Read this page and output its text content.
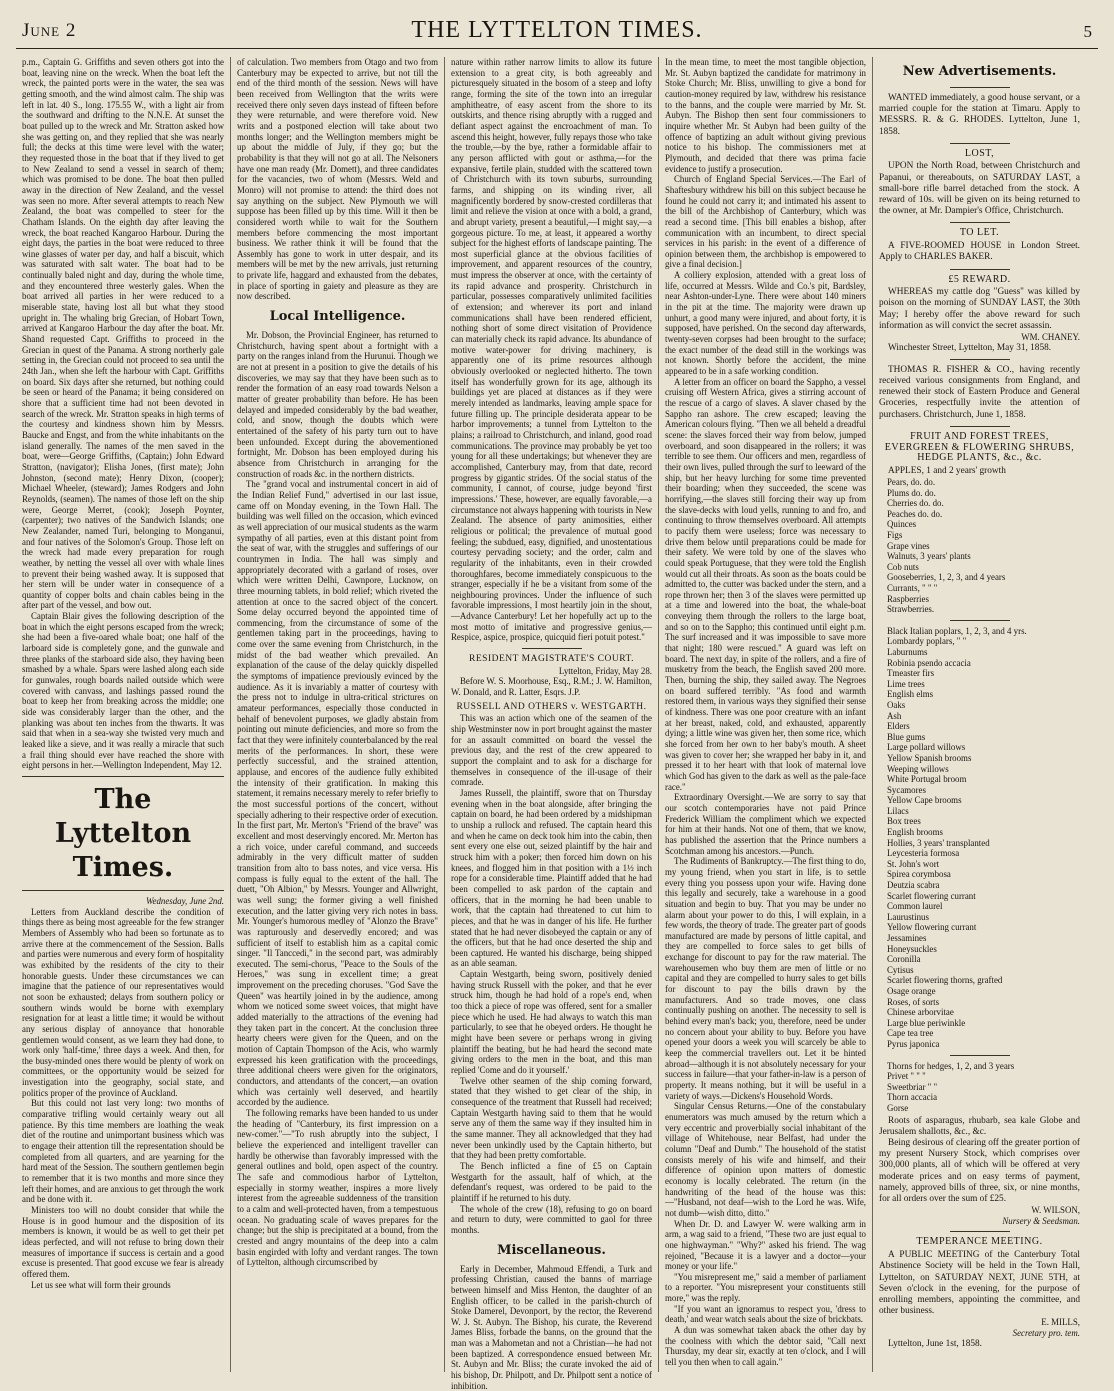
June 2	THE LYTTELTON TIMES.	5

p.m., Captain G. Griffiths and seven others got into the boat, leaving nine on the wreck. When the boat left the wreck, the painted ports were in the water, the sea was getting smooth, and the wind almost calm. The ship was left in lat. 40 S., long. 175.55 W., with a light air from the southward and drifting to the N.N.E. At sunset the boat pulled up to the wreck and Mr. Stratton asked how she was getting on, and they replied that she was nearly full; the decks at this time were level with the water; they requested those in the boat that if they lived to get to New Zealand to send a vessel in search of them; which was promised to be done. The boat then pulled away in the direction of New Zealand, and the vessel was seen no more. After several attempts to reach New Zealand, the boat was compelled to steer for the Chatham Islands. On the eighth day after leaving the wreck, the boat reached Kangaroo Harbour. During the eight days, the parties in the boat were reduced to three wine glasses of water per day, and half a biscuit, which was saturated with salt water. The boat had to be continually baled night and day, during the whole time, and they encountered three westerly gales. When the boat arrived all parties in her were reduced to a miserable state, having lost all but what they stood upright in. The whaling brig Grecian, of Hobart Town, arrived at Kangaroo Harbour the day after the boat. Mr. Shand requested Capt. Griffiths to proceed in the Grecian in quest of the Panama. A strong northerly gale setting in, the Grecian could not proceed to sea until the 24th Jan., when she left the harbour with Capt. Griffiths on board. Six days after she returned, but nothing could be seen or heard of the Panama; it being considered on shore that a sufficient time had not been devoted in search of the wreck. Mr. Stratton speaks in high terms of the courtesy and kindness shown him by Messrs. Baucke and Engst, and from the white inhabitants on the island generally. The names of the men saved in the boat, were—George Griffiths, (Captain;) John Edward Stratton, (navigator); Elisha Jones, (first mate); John Johnston, (second mate); Henry Dixon, (cooper); Michael Wheeler, (steward); James Rodgers and John Reynolds, (seamen). The names of those left on the ship were, George Merret, (cook); Joseph Poynter, (carpenter); two natives of the Sandwich Islands; one New Zealander, named Turi, belonging to Monganui, and four natives of the Solomon's Group. Those left on the wreck had made every preparation for rough weather, by netting the vessel all over with whale lines to prevent their being washed away. It is supposed that her stern will be under water in consequence of a quantity of copper bolts and chain cables being in the after part of the vessel, and bow out.

Captain Blair gives the following description of the boat in which the eight persons escaped from the wreck; she had been a five-oared whale boat; one half of the larboard side is completely gone, and the gunwale and three planks of the starboard side also, they having been smashed by a whale. Spars were lashed along each side for gunwales, rough boards nailed outside which were covered with canvass, and lashings passed round the boat to keep her from breaking across the middle; one side was considerably larger than the other, and the planking was about ten inches from the thwarts. It was said that when in a sea-way she twisted very much and leaked like a sieve, and it was really a miracle that such a frail thing should ever have reached the shore with eight persons in her.—Wellington Independent, May 12.

The Lyttelton Times.

Wednesday, June 2nd.

Letters from Auckland describe the condition of things there as being most agreeable for the few stranger Members of Assembly who had been so fortunate as to arrive there at the commencement of the Session. Balls and parties were numerous and every form of hospitality was exhibited by the residents of the city to their honorable guests. Under these circumstances we can imagine that the patience of our representatives would not soon be exhausted; delays from southern policy or southern winds would be borne with exemplary resignation for at least a little time; it would be without any serious display of annoyance that honorable gentlemen would consent, as we learn they had done, to work only 'half-time,' three days a week. And then, for the busy-minded ones there would be plenty of work on committees, or the opportunity would be seized for investigation into the geography, social state, and politics proper of the province of Auckland.

But this could not last very long: two months of comparative trifling would certainly weary out all patience. By this time members are loathing the weak diet of the routine and unimportant business which was to engage their attention till the representation should be completed from all quarters, and are yearning for the hard meat of the Session. The southern gentlemen begin to remember that it is two months and more since they left their homes, and are anxious to get through the work and be done with it.

Ministers too will no doubt consider that while the House is in good humour and the disposition of its members is known, it would be as well to get their pet ideas perfected, and will not refuse to bring down their measures of importance if success is certain and a good excuse is presented. That good excuse we fear is already offered them.

Let us see what will form their grounds

of calculation. Two members from Otago and two from Canterbury may be expected to arrive, but not till the end of the third month of the session. News will have been received from Wellington that the writs were received there only seven days instead of fifteen before they were returnable, and were therefore void. New writs and a postponed election will take about two months longer; and the Wellington members might be up about the middle of July, if they go; but the probability is that they will not go at all. The Nelsoners have one man ready (Mr. Domett), and three candidates for the vacancies, two of whom (Messrs. Weld and Monro) will not promise to attend: the third does not say anything on the subject. New Plymouth we will suppose has been filled up by this time. Will it then be considered worth while to wait for the Southern members before commencing the most important business. We rather think it will be found that the Assembly has gone to work in utter despair, and its members will be met by the new arrivals, just returning to private life, haggard and exhausted from the debates, in place of sporting in gaiety and pleasure as they are now described.

Local Intelligence.

Mr. Dobson, the Provincial Engineer, has returned to Christchurch, having spent about a fortnight with a party on the ranges inland from the Hurunui. Though we are not at present in a position to give the details of his discoveries, we may say that they have been such as to render the formation of an easy road towards Nelson a matter of greater probability than before. He has been delayed and impeded considerably by the bad weather, cold, and snow, though the doubts which were entertained of the safety of his party turn out to have been unfounded. Except during the abovementioned fortnight, Mr. Dobson has been employed during his absence from Christchurch in arranging for the construction of roads &c. in the northern districts.

The "grand vocal and instrumental concert in aid of the Indian Relief Fund," advertised in our last issue, came off on Monday evening, in the Town Hall. The building was well filled on the occasion, which evinced as well appreciation of our musical students as the warm sympathy of all parties, even at this distant point from the seat of war, with the struggles and sufferings of our countrymen in India. The hall was simply and appropriately decorated with a garland of roses, over which were written Delhi, Cawnpore, Lucknow, on three mourning tablets, in bold relief; which riveted the attention at once to the sacred object of the concert. Some delay occurred beyond the appointed time of commencing, from the circumstance of some of the gentlemen taking part in the proceedings, having to come over the same evening from Christchurch, in the midst of the bad weather which prevailed. An explanation of the cause of the delay quickly dispelled the symptoms of impatience previously evinced by the audience. As it is invariably a matter of courtesy with the press not to indulge in ultra-critical strictures on amateur performances, especially those conducted in behalf of benevolent purposes, we gladly abstain from pointing out minute deficiencies, and more so from the fact that they were infinitely counterbalanced by the real merits of the performances. In short, these were perfectly successful, and the strained attention, applause, and encores of the audience fully exhibited the intensity of their gratification. In making this statement, it remains necessary merely to refer briefly to the most successful portions of the concert, without specially adhering to their respective order of execution. In the first part, Mr. Merton's "Friend of the brave" was excellent and most deservingly encored. Mr. Merton has a rich voice, under careful command, and succeeds admirably in the very difficult matter of sudden transition from alto to bass notes, and vice versa. His compass is fully equal to the extent of the hall. The duett, "Oh Albion," by Messrs. Younger and Allwright, was well sung; the former giving a well finished execution, and the latter giving very rich notes in bass. Mr. Younger's humorous medley of "Alonzo the Brave" was rapturously and deservedly encored; and was sufficient of itself to establish him as a capital comic singer. "Il Tanccedi," in the second part, was admirably executed. The semi-chorus, "Peace to the Souls of the Heroes," was sung in excellent time; a great improvement on the preceding choruses. "God Save the Queen" was heartily joined in by the audience, among whom we noticed some sweet voices, that might have added materially to the attractions of the evening had they taken part in the concert. At the conclusion three hearty cheers were given for the Queen, and on the motion of Captain Thompson of the Acis, who warmly expressed his keen gratification with the proceedings, three additional cheers were given for the originators, conductors, and attendants of the concert,—an ovation which was certainly well deserved, and heartily accorded by the audience.

The following remarks have been handed to us under the heading of "Canterbury, its first impression on a new-comer."—"To rush abruptly into the subject, I believe the experienced and intelligent traveller can hardly be otherwise than favorably impressed with the general outlines and bold, open aspect of the country. The safe and commodious harbor of Lyttelton, especially in stormy weather, inspires a more lively interest from the agreeable suddenness of the transition to a calm and well-protected haven, from a tempestuous ocean. No graduating scale of waves prepares for the change; but the ship is precipitated at a bound, from the crested and angry mountains of the deep into a calm basin engirded with lofty and verdant ranges. The town of Lyttelton, although circumscribed by

nature within rather narrow limits to allow its future extension to a great city, is both agreeably and picturesquely situated in the bosom of a steep and lofty range, forming the site of the town into an irregular amphitheatre, of easy ascent from the shore to its outskirts, and thence rising abruptly with a rugged and defiant aspect against the encroachment of man. To ascend this height, however, fully repays those who take the trouble,—by the bye, rather a formidable affair to any person afflicted with gout or asthma,—for the expansive, fertile plain, studded with the scattered town of Christchurch with its town suburbs, surrounding farms, and shipping on its winding river, all magnificently bordered by snow-crested cordilleras that limit and relieve the vision at once with a bold, a grand, and abrupt variety, present a beautiful,—I might say,—a gorgeous picture. To me, at least, it appeared a worthy subject for the highest efforts of landscape painting. The most superficial glance at the obvious facilities of improvement, and apparent resources of the country, must impress the observer at once, with the certainty of its rapid advance and prosperity. Christchurch in particular, possesses comparatively unlimited facilities of extension; and wherever its port and inland communications shall have been rendered efficient, nothing short of some direct visitation of Providence can materially check its rapid advance. Its abundance of motive water-power for driving machinery, is apparently one of its prime resources although obviously overlooked or neglected hitherto. The town itself has wonderfully grown for its age, although its buildings yet are placed at distances as if they were merely intended as landmarks, leaving ample space for future filling up. The principle desiderata appear to be harbor improvements; a tunnel from Lyttelton to the plains; a railroad to Christchurch, and inland, good road communications. The province may probably be yet too young for all these undertakings; but whenever they are accomplished, Canterbury may, from that date, record progress by gigantic strides. Of the social status of the community, I cannot, of course, judge beyond 'first impressions.' These, however, are equally favorable,—a circumstance not always happening with tourists in New Zealand. The absence of party animosities, either religious or political; the prevalence of mutual good feeling; the subdued, easy, dignified, and unostentatious courtesy pervading society; and the order, calm and regularity of the inhabitants, even in their crowded thoroughfares, become immediately conspicuous to the stranger, especially if he be a visitant from some of the neighbouring provinces. Under the influence of such favorable impressions, I most heartily join in the shout,—Advance Canterbury! Let her hopefully act up to the most motto of imitative and progressive genius,—Respice, aspice, prospice, quicquid fieri potuit potest."

RESIDENT MAGISTRATE'S COURT.

Lyttelton, Friday, May 28.

Before W. S. Moorhouse, Esq., R.M.; J. W. Hamilton, W. Donald, and R. Latter, Esqrs. J.P.

RUSSELL AND OTHERS v. WESTGARTH.

This was an action which one of the seamen of the ship Westminster now in port brought against the master for an assault committed on board the vessel the previous day, and the rest of the crew appeared to support the complaint and to ask for a discharge for themselves in consequence of the ill-usage of their comrade.

James Russell, the plaintiff, swore that on Thursday evening when in the boat alongside, after bringing the captain on board, he had been ordered by a midshipman to unship a rullock and refused. The captain heard this and when he came on deck took him into the cabin, then sent every one else out, seized plaintiff by the hair and struck him with a poker; then forced him down on his knees, and flogged him in that position with a 1½ inch rope for a considerable time. Plaintiff added that he had been compelled to ask pardon of the captain and officers, that in the morning he had been unable to work, that the captain had threatened to cut him to pieces, and that he was in danger of his life. He further stated that he had never disobeyed the captain or any of the officers, but that he had once deserted the ship and been captured. He wanted his discharge, being shipped as an able seaman.

Captain Westgarth, being sworn, positively denied having struck Russell with the poker, and that he ever struck him, though he had hold of a rope's end, when too thick a piece of rope was offered, sent for a smaller piece which he used. He had always to watch this man particularly, to see that he obeyed orders. He thought he might have been severe or perhaps wrong in giving plaintiff the beating, but he had heard the second mate giving orders to the men in the boat, and this man replied 'Come and do it yourself.'

Twelve other seamen of the ship coming forward, stated that they wished to get clear of the ship, in consequence of the treatment that Russell had received; Captain Westgarth having said to them that he would serve any of them the same way if they insulted him in the same manner. They all acknowledged that they had never been unkindly used by the Captain hitherto, but that they had been pretty comfortable.

The Bench inflicted a fine of £5 on Captain Westgarth for the assault, half of which, at the defendant's request, was ordered to be paid to the plaintiff if he returned to his duty.

The whole of the crew (18), refusing to go on board and return to duty, were committed to gaol for three months.

Miscellaneous.

Early in December, Mahmoud Effendi, a Turk and professing Christian, caused the banns of marriage between himself and Miss Henton, the daughter of an English officer, to be called in the parish-church of Stoke Damerel, Devonport, by the rector, the Reverend W. J. St. Aubyn. The Bishop, his curate, the Reverend James Bliss, forbade the banns, on the ground that the man was a Mahometan and not a Christian—he had not been baptized. A correspondence ensued between Mr. St. Aubyn and Mr. Bliss; the curate invoked the aid of his bishop, Dr. Philpott, and Dr. Philpott sent a notice of inhibition.

In the mean time, to meet the most tangible objection, Mr. St. Aubyn baptized the candidate for matrimony in Stoke Church; Mr. Bliss, unwilling to give a bond for caution-money required by law, withdrew his resistance to the banns, and the couple were married by Mr. St. Aubyn. The Bishop then sent four commissioners to inquire whether Mr. St Aubyn had been guilty of the offence of baptizing an adult without giving previous notice to his bishop. The commissioners met at Plymouth, and decided that there was prima facie evidence to justify a prosecution.

Church of England Special Services.—The Earl of Shaftesbury withdrew his bill on this subject because he found he could not carry it; and intimated his assent to the bill of the Archbishop of Canterbury, which was read a second time. [This bill enables a bishop, after communication with an incumbent, to direct special services in his parish: in the event of a difference of opinion between them, the archbishop is empowered to give a final decision.]

A colliery explosion, attended with a great loss of life, occurred at Messrs. Wilde and Co.'s pit, Bardsley, near Ashton-under-Lyne. There were about 140 miners in the pit at the time. The majority were drawn up unhurt, a good many were injured, and about forty, it is supposed, have perished. On the second day afterwards, twenty-seven corpses had been brought to the surface; the exact number of the dead still in the workings was not known. Shortly before the accident, the mine appeared to be in a safe working condition.

A letter from an officer on board the Sappho, a vessel cruising off Western Africa, gives a stirring account of the rescue of a cargo of slaves. A slaver chased by the Sappho ran ashore. The crew escaped; leaving the American colours flying. "Then we all beheld a dreadful scene: the slaves forced their way from below, jumped overboard, and soon disappeared in the rollers; it was terrible to see them. Our officers and men, regardless of their own lives, pulled through the surf to leeward of the ship, but her heavy lurching for some time prevented their boarding; when they succeeded, the scene was horrifying,—the slaves still forcing their way up from the slave-decks with loud yells, running to and fro, and continuing to throw themselves overboard. All attempts to pacify them were useless; force was necessary to drive them below until preparations could be made for their safety. We were told by one of the slaves who could speak Portuguese, that they were told the English would cut all their throats. As soon as the boats could be admitted to, the cutter was backed under the stern, and a rope thrown her; then 3 of the slaves were permitted up at a time and lowered into the boat, the whale-boat conveying them through the rollers to the large boat, and so on to the Sappho; this continued until eight p.m. The surf increased and it was impossible to save more that night; 180 were rescued." A guard was left on board. The next day, in spite of the rollers, and a fire of musketry from the beach, the English saved 200 more. Then, burning the ship, they sailed away. The Negroes on board suffered terribly. "As food and warmth restored them, in various ways they signified their sense of kindness. There was one poor creature with an infant at her breast, naked, cold, and exhausted, apparently dying; a little wine was given her, then some rice, which she forced from her own to her baby's mouth. A sheet was given to cover her; she wrapped her baby in it, and pressed it to her heart with that look of maternal love which God has given to the dark as well as the pale-face race."

Extraordinary Oversight.—We are sorry to say that our scotch contemporaries have not paid Prince Frederick William the compliment which we expected for him at their hands. Not one of them, that we know, has published the assertion that the Prince numbers a Scotchman among his ancestors.—Punch.

The Rudiments of Bankruptcy.—The first thing to do, my young friend, when you start in life, is to settle every thing you possess upon your wife. Having done this legally and securely, take a warehouse in a good situation and begin to buy. That you may be under no alarm about your power to do this, I will explain, in a few words, the theory of trade. The greater part of goods manufactured are made by persons of little capital, and they are compelled to force sales to get bills of exchange for discount to pay for the raw material. The warehousemen who buy them are men of little or no capital and they are compelled to hurry sales to get bills for discount to pay the bills drawn by the manufacturers. And so trade moves, one class continually pushing on another. The necessity to sell is behind every man's back; you, therefore, need be under no concern about your ability to buy. Before you have opened your doors a week you will scarcely be able to keep the commercial travellers out. Let it be hinted abroad—although it is not absolutely necessary for your success in failure—that your father-in-law is a person of property. It means nothing, but it will be useful in a variety of ways.—Dickens's Household Words.

Singular Census Returns.—One of the constabulary enumerators was much amused by the return which a very eccentric and proverbially social inhabitant of the village of Whitehouse, near Belfast, had under the column "Deaf and Dumb." The household of the statist consists merely of his wife and himself, and their difference of opinion upon matters of domestic economy is locally celebrated. The return (in the handwriting of the head of the house was this:—"Husband, not deaf—wish to the Lord he was. Wife, not dumb—wish ditto, ditto."

When Dr. D. and Lawyer W. were walking arm in arm, a wag said to a friend, "These two are just equal to one highwayman." "Why?" asked his friend. The wag rejoined, "Because it is a lawyer and a doctor—your money or your life."

"You misrepresent me," said a member of parliament to a reporter. "You misrepresent your constituents still more," was the reply.

"If you want an ignoramus to respect you, 'dress to death,' and wear watch seals about the size of brickbats.

A dun was somewhat taken aback the other day by the coolness with which the debtor said, "Call next Thursday, my dear sir, exactly at ten o'clock, and I will tell you then when to call again."

New Advertisements.

WANTED immediately, a good house servant, or a married couple for the station at Timaru. Apply to MESSRS. R. & G. RHODES. Lyttelton, June 1, 1858.

LOST,

UPON the North Road, between Christchurch and Papanui, or thereabouts, on SATURDAY LAST, a small-bore rifle barrel detached from the stock. A reward of 10s. will be given on its being returned to the owner, at Mr. Dampier's Office, Christchurch.

TO LET.

A FIVE-ROOMED HOUSE in London Street. Apply to CHARLES BAKER.

£5 REWARD.

WHEREAS my cattle dog "Guess" was killed by poison on the morning of SUNDAY LAST, the 30th May; I hereby offer the above reward for such information as will convict the secret assassin.

WM. CHANEY.

Winchester Street, Lyttelton, May 31, 1858.

THOMAS R. FISHER & CO., having recently received various consignments from England, and renewed their stock of Eastern Produce and General Groceries, respectfully invite the attention of purchasers. Christchurch, June 1, 1858.

FRUIT AND FOREST TREES, EVERGREEN & FLOWERING SHRUBS, HEDGE PLANTS, &c., &c.

APPLES, 1 and 2 years' growth

Pears, do. do.
Plums do. do.
Cherries do. do.
Peaches do. do.
Quinces
Figs
Grape vines
Walnuts, 3 years' plants
Cob nuts
Gooseberries, 1, 2, 3, and 4 years
Currants, " " "
Raspberries
Strawberries.
Black Italian poplars, 1, 2, 3, and 4 yrs.
Lombardy poplars, " "
Laburnums
Robinia psendo accacia
Tmeaster firs
Lime trees
English elms
Oaks
Ash
Elders
Blue gums
Large pollard willows
Yellow Spanish brooms
Weeping willows
White Portugal broom
Sycamores
Yellow Cape brooms
Lilacs
Box trees
English brooms
Hollies, 3 years' transplanted
Leycesteria formosa
St. John's wort
Spirea corymbosa
Deutzia scabra
Scarlet flowering currant
Common laurel
Laurustinus
Yellow flowering currant
Jessamines
Honeysuckles
Coronilla
Cytisus
Scarlet flowering thorns, grafted
Osage orange
Roses, of sorts
Chinese arborvitae
Large blue periwinkle
Cape tea tree
Pyrus japonica
Thorns for hedges, 1, 2, and 3 years
Privet " " "
Sweetbriar " "
Thorn accacia
Gorse

Roots of asparagus, rhubarb, sea kale Globe and Jerusalem shallotts, &c., &c.

Being desirous of clearing off the greater portion of my present Nursery Stock, which comprises over 300,000 plants, all of which will be offered at very moderate prices and on easy terms of payment, namely, approved bills of three, six, or nine months, for all orders over the sum of £25.

W. WILSON,

Nursery & Seedsman.

TEMPERANCE MEETING.

A PUBLIC MEETING of the Canterbury Total Abstinence Society will be held in the Town Hall, Lyttelton, on SATURDAY NEXT, JUNE 5TH, at Seven o'clock in the evening, for the purpose of enrolling members, appointing the committee, and other business.

E. MILLS,

Secretary pro. tem.

Lyttelton, June 1st, 1858.
